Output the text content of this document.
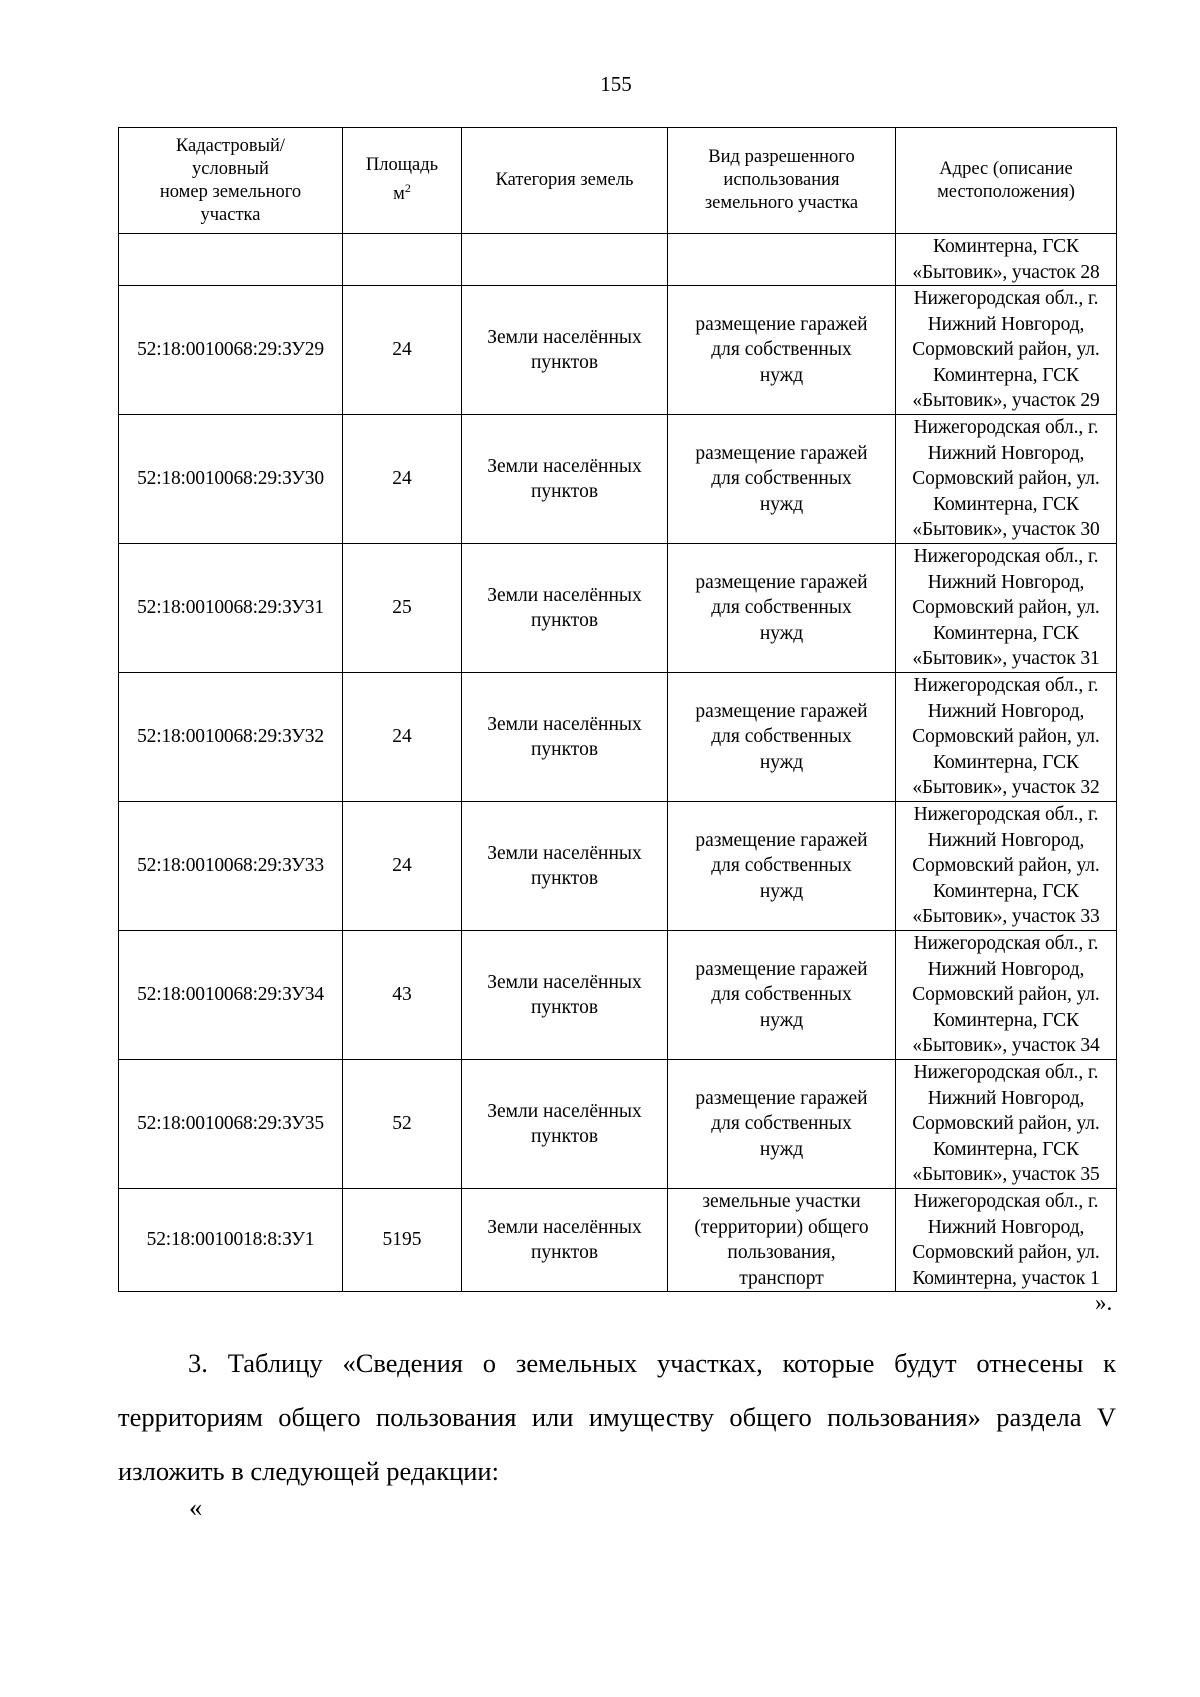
155
Кадастровый/
условный
номер земельного
участка	Площадь
$м^2$	Категория земель	Вид разрешенного
использования
земельного участка	Адрес (описание
местоположения)

				Коминтерна, ГСК
«Бытовик», участок 28

52:18:0010068:29:ЗУ29	24	Земли населённых
пунктов	размещение гаражей
для собственных
нужд	Нижегородская обл., г.
Нижний Новгород,
Сормовский район, ул.
Коминтерна, ГСК
«Бытовик», участок 29

52:18:0010068:29:ЗУ30	24	Земли населённых
пунктов	размещение гаражей
для собственных
нужд	Нижегородская обл., г.
Нижний Новгород,
Сормовский район, ул.
Коминтерна, ГСК
«Бытовик», участок 30

52:18:0010068:29:ЗУ31	25	Земли населённых
пунктов	размещение гаражей
для собственных
нужд	Нижегородская обл., г.
Нижний Новгород,
Сормовский район, ул.
Коминтерна, ГСК
«Бытовик», участок 31

52:18:0010068:29:ЗУ32	24	Земли населённых
пунктов	размещение гаражей
для собственных
нужд	Нижегородская обл., г.
Нижний Новгород,
Сормовский район, ул.
Коминтерна, ГСК
«Бытовик», участок 32

52:18:0010068:29:ЗУ33	24	Земли населённых
пунктов	размещение гаражей
для собственных
нужд	Нижегородская обл., г.
Нижний Новгород,
Сормовский район, ул.
Коминтерна, ГСК
«Бытовик», участок 33

52:18:0010068:29:ЗУ34	43	Земли населённых
пунктов	размещение гаражей
для собственных
нужд	Нижегородская обл., г.
Нижний Новгород,
Сормовский район, ул.
Коминтерна, ГСК
«Бытовик», участок 34

52:18:0010068:29:ЗУ35	52	Земли населённых
пунктов	размещение гаражей
для собственных
нужд	Нижегородская обл., г.
Нижний Новгород,
Сормовский район, ул.
Коминтерна, ГСК
«Бытовик», участок 35

52:18:0010018:8:ЗУ1	5195	Земли населённых
пунктов	земельные участки
(территории) общего
пользования,
транспорт	Нижегородская обл., г.
Нижний Новгород,
Сормовский район, ул.
Коминтерна, участок 1
».

3. Таблицу «Сведения о земельных участках, которые будут отнесены к территориям общего пользования или имуществу общего пользования» раздела V изложить в следующей редакции:

«
